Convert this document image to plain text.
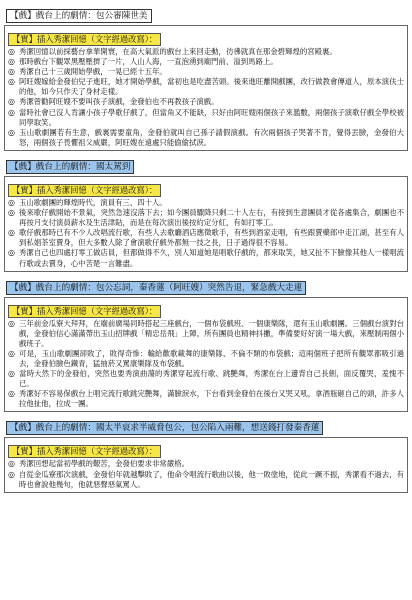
【戲】戲台上的劇情：包公審陳世美
【實】插入秀潔回憶（文字經過改寫）：

◎ 秀潔回憶以前採藝台拿華開寰，在高大氣派的戲台上來回走動，彷彿就真在那金碧輝煌的宮殿裏。

◎ 那時戲台下觀眾黑壓壓擠了一片，人山人海，一直泡湧到廟門前，溢到馬路上。

◎ 秀潔自己十三歲開始學戲，一晃已經十五年。

◎ 阿旺嫂嫁給金發伯兒子進旺，她才開始學戲，當初也是吃盡苦頭。後來進旺離開戲團，改行做教會傳道人，原本演伕士的他，如今只作天了身材走樣。

◎ 秀潔曾勸阿旺嫂不要叫孩子演戲，金發伯也不再教孩子演戲。

◎ 當時社會已沒人肯讓小孩子學歌仔戲了，但當角又不能缺，只好由阿旺嫂兩個孩子來濫數，兩個孩子演歌仔戲全學校被同學取笑。

◎ 玉山歌劇團若有生意，戲裏需要童角，金發伯就叫自己孫子請假演戲。有次兩個孩子哭著不肯，覺得丟臉，金發伯大怒，兩個孩子畏懼祖父威嚴，阿旺嫂在遠處只能偷偷拭淚。

【戲】戲台上的劇情：國太駕到
【實】插入秀潔回憶（文字經過改寫）：

◎ 玉山歌劇團的輝煌時代，演員有三、四十人。

◎ 後來歌仔戲開始不景氣，突然急速沒落下去；如今團員驟降只剩二十人左右，有接到生意團員才從各處集合，劇團也不再按月支付演員薪水及生活津貼，而是在每次演出後按約定分紅，有如打零工。

◎ 歌仔戲那時已有不少人改唱流行歌，有些人去歌廳酒店應徵歌手，有些到酒家走唱，有些跟賣藥郎中走江湖，甚至有人到私娼茶室賣身，但大多數人除了會演歌仔戲外都無一技之長，日子過得很不容易。

◎ 秀潔自己也四處打零工做店員，但都做得不久，別人知道她是唱歌仔戲的，都來取笑，她又扯不下臉像其他人一樣唱流行歌或去賣身，心中苦楚一言難盡。

【戲】戲台上的劇情：包公忘詞，秦香蓮（阿旺嫂）突然告退，緊急戲大走連
【實】插入秀潔回憶（文字經過改寫）：

◎ 三年前金瓜寮大拜拜，在廟前廣場同時搭起三座戲台，一個布袋戲班、一個康樂隊，還有玉山歌劇團。三個戲台演對台戲，金發伯信心滿滿帶出玉山招牌戲「精忠岳飛」上陣，所有團員也精神抖擻，準備要好好演一場大戲，來壓制兩個小戲班子。

◎ 可是，玉山歌劇團卻敗了，敗得奇慘：輸給歡歌載舞的康樂隊、不倫不類的布袋戲；這兩個班子把所有觀眾都吸引過去，金發伯臉色鐵青，猛抽菸又罵康樂隊及布袋戲。

◎ 當時大然下的金發伯，突然也要秀演曲蕩的秀潔穿起流行歌、跳艷舞，秀潔在台上邊背自己長劍，面反覆哭，羞愧不已。

◎ 秀潔好不容易保戲台上唱完流行歌跳完艷舞，滿臉淚水，下台看到金發伯在後台又哭又吼，拿酒瓶砸自己的頭，許多人拉他扯他，拉成一團。

【戲】戲台上的劇情：國太半哀求半威脅包公，包公陷入兩難，想送錢打發秦香蓮
【實】插入秀潔回憶（文字經過改寫）：

◎ 秀潔回想起當初學戲的艱苦，金發伯要求非常嚴格。

◎ 自從金瓜寮那次演戲，金發伯年就越擊敗了，他命令唱流行歌曲以後，他一敗塗地，從此一蹶不振，秀潔看不過去，有時也會說他幾句，他就惡聲惡氣罵人。
